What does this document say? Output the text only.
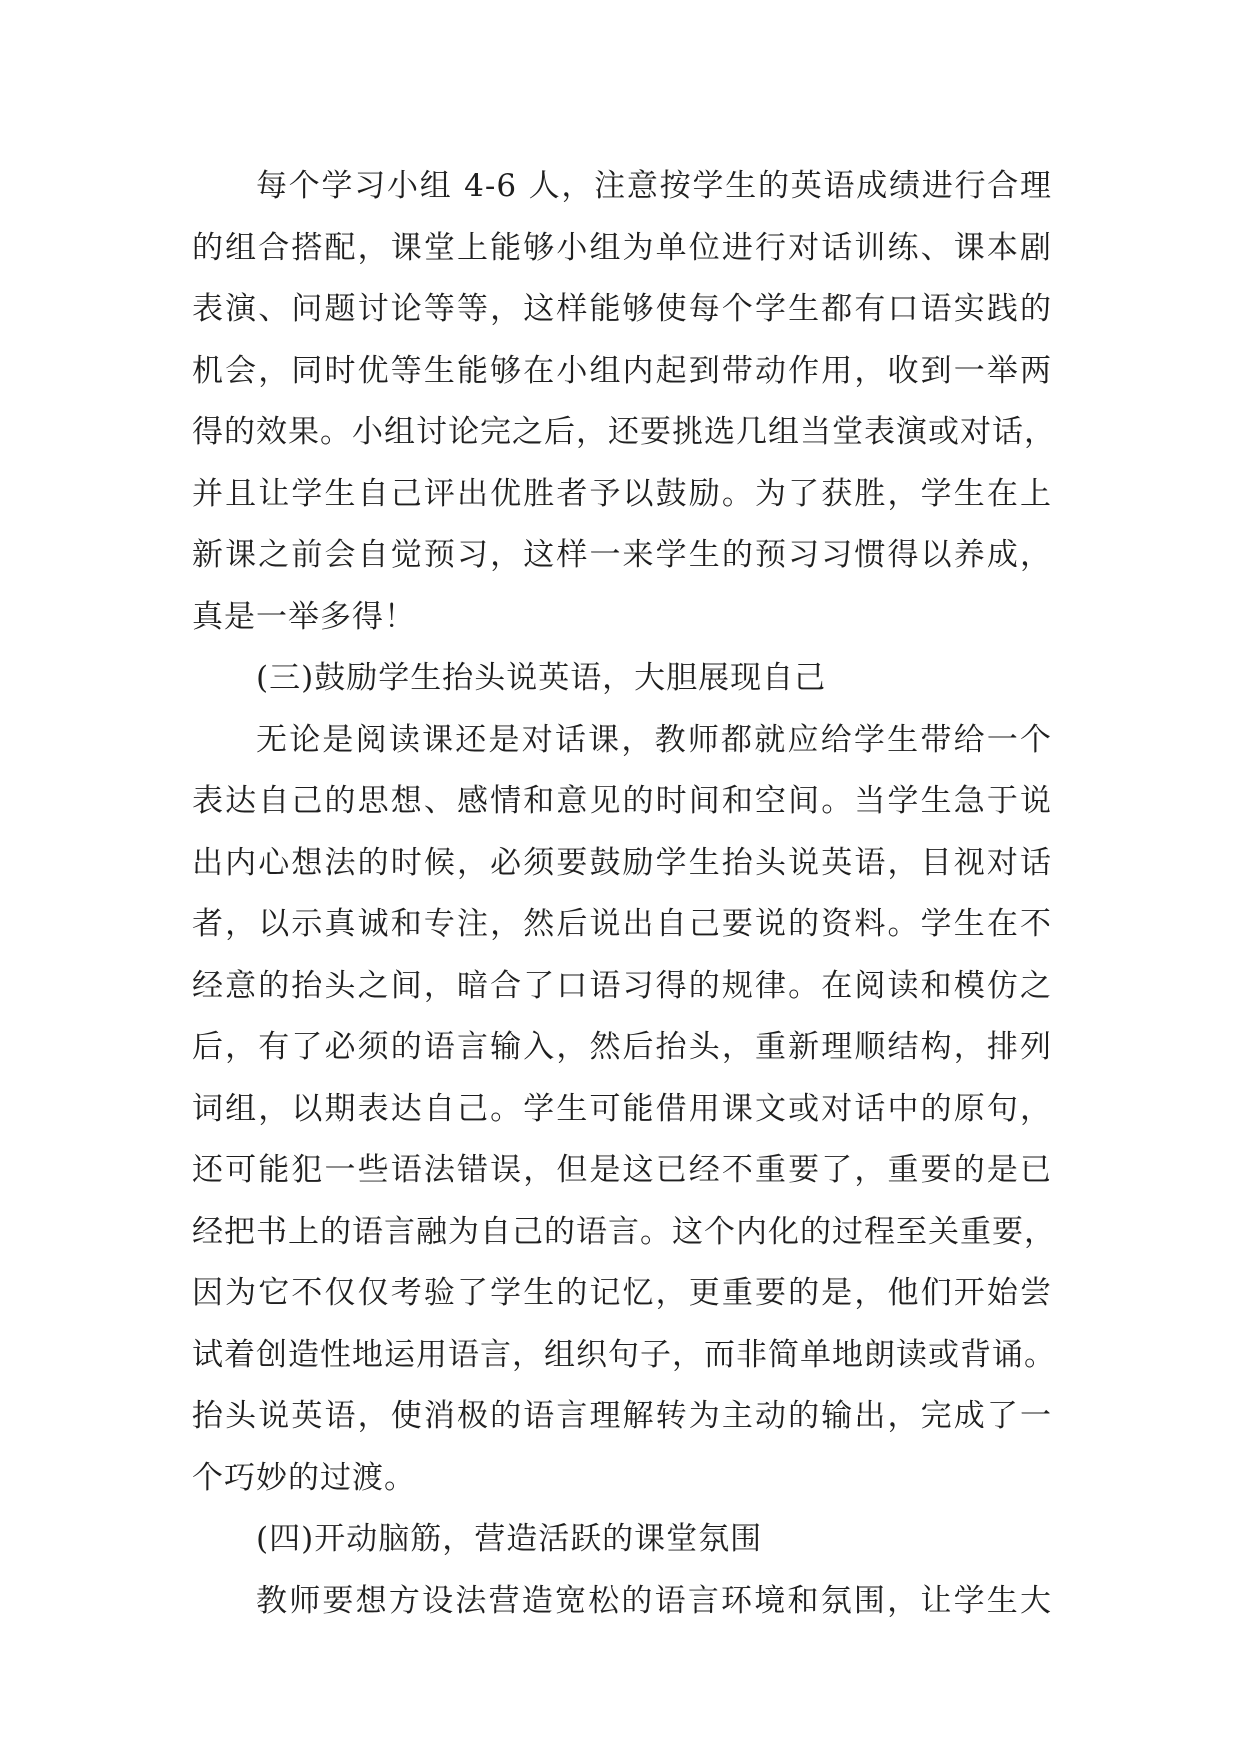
每个学习小组 4-6 人，注意按学生的英语成绩进行合理
的组合搭配，课堂上能够小组为单位进行对话训练、课本剧
表演、问题讨论等等，这样能够使每个学生都有口语实践的
机会，同时优等生能够在小组内起到带动作用，收到一举两
得的效果。小组讨论完之后，还要挑选几组当堂表演或对话，
并且让学生自己评出优胜者予以鼓励。为了获胜，学生在上
新课之前会自觉预习，这样一来学生的预习习惯得以养成，
真是一举多得！
(三)鼓励学生抬头说英语，大胆展现自己
无论是阅读课还是对话课，教师都就应给学生带给一个
表达自己的思想、感情和意见的时间和空间。当学生急于说
出内心想法的时候，必须要鼓励学生抬头说英语，目视对话
者，以示真诚和专注，然后说出自己要说的资料。学生在不
经意的抬头之间，暗合了口语习得的规律。在阅读和模仿之
后，有了必须的语言输入，然后抬头，重新理顺结构，排列
词组，以期表达自己。学生可能借用课文或对话中的原句，
还可能犯一些语法错误，但是这已经不重要了，重要的是已
经把书上的语言融为自己的语言。这个内化的过程至关重要，
因为它不仅仅考验了学生的记忆，更重要的是，他们开始尝
试着创造性地运用语言，组织句子，而非简单地朗读或背诵。
抬头说英语，使消极的语言理解转为主动的输出，完成了一
个巧妙的过渡。
(四)开动脑筋，营造活跃的课堂氛围
教师要想方设法营造宽松的语言环境和氛围，让学生大
